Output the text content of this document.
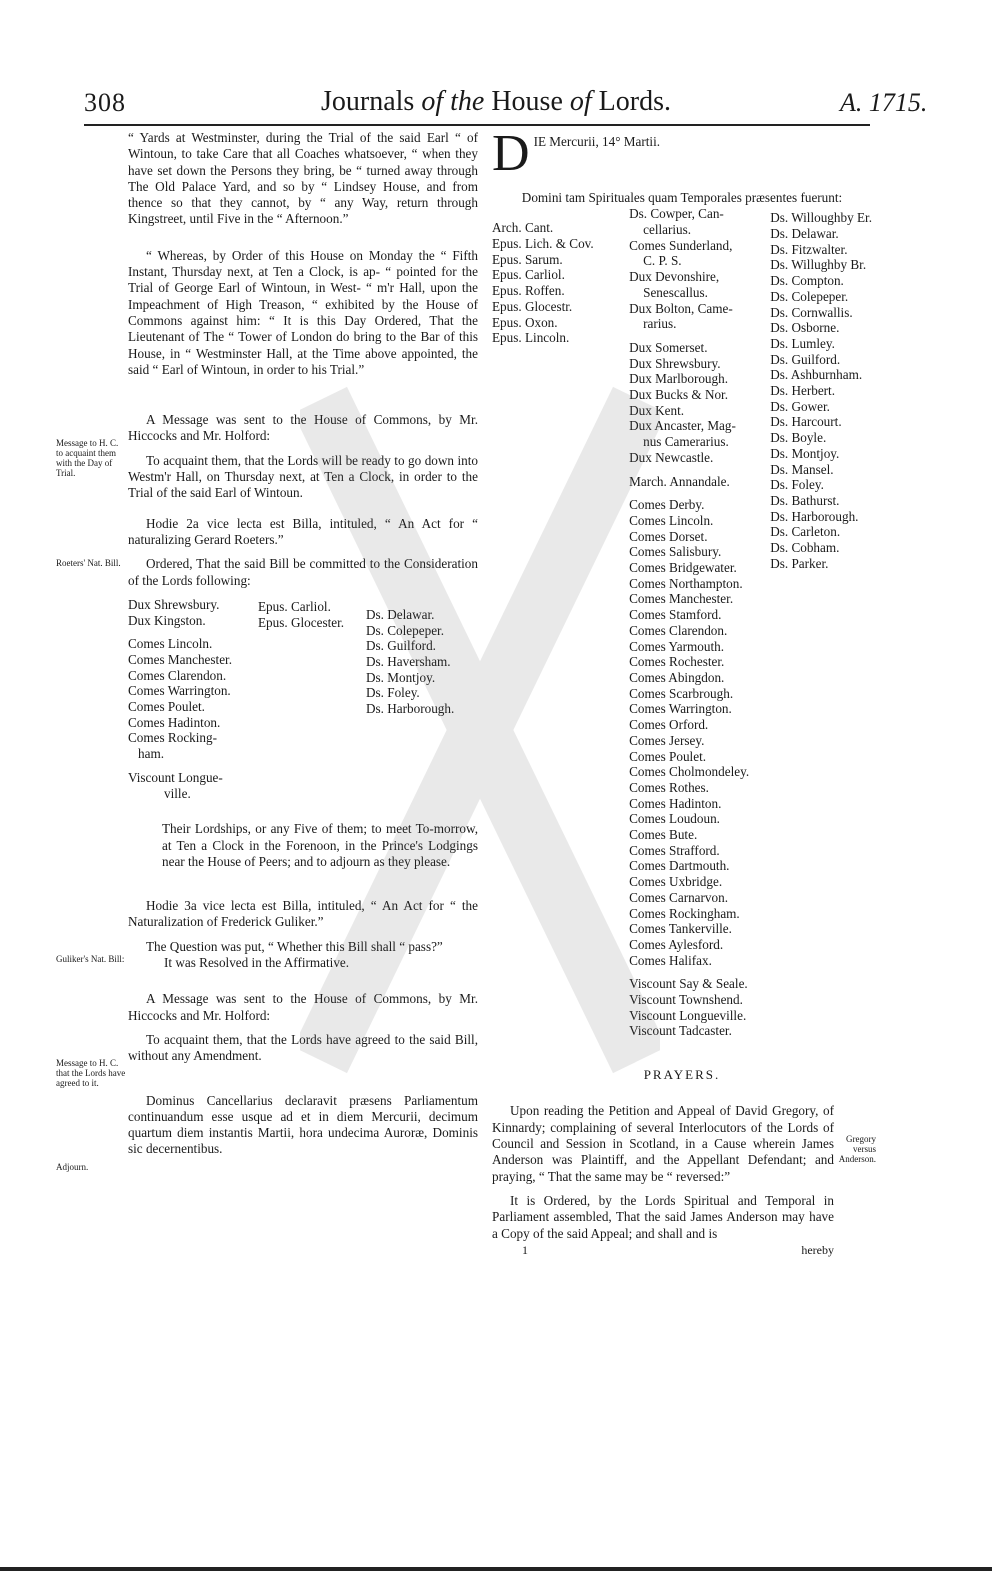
308	Journals of the House of Lords.	A. 1715.
Message to H. C. to acquaint them with the Day of Trial.
Roeters' Nat. Bill.
Guliker's Nat. Bill:
Message to H. C. that the Lords have agreed to it.
Adjourn.

“ Yards at Westminster, during the Trial of the said Earl “ of Wintoun, to take Care that all Coaches whatsoever, “ when they have set down the Persons they bring, be “ turned away through The Old Palace Yard, and so by “ Lindsey House, and from thence so that they cannot, by “ any Way, return through Kingstreet, until Five in the “ Afternoon.”

“ Whereas, by Order of this House on Monday the “ Fifth Instant, Thursday next, at Ten a Clock, is ap- “ pointed for the Trial of George Earl of Wintoun, in West- “ m'r Hall, upon the Impeachment of High Treason, “ exhibited by the House of Commons against him: “ It is this Day Ordered, That the Lieutenant of The “ Tower of London do bring to the Bar of this House, in “ Westminster Hall, at the Time above appointed, the said “ Earl of Wintoun, in order to his Trial.”

A Message was sent to the House of Commons, by Mr. Hiccocks and Mr. Holford:

To acquaint them, that the Lords will be ready to go down into Westm'r Hall, on Thursday next, at Ten a Clock, in order to the Trial of the said Earl of Wintoun.

Hodie 2a vice lecta est Billa, intituled, “ An Act for “ naturalizing Gerard Roeters.”

Ordered, That the said Bill be committed to the Consideration of the Lords following:

Dux Shrewsbury.
Dux Kingston.
Comes Lincoln.
Comes Manchester.
Comes Clarendon.
Comes Warrington.
Comes Poulet.
Comes Hadinton.
Comes Rocking-
ham.
Viscount Longue-
ville.
Epus. Carliol.
Epus. Glocester.
Ds. Delawar.
Ds. Colepeper.
Ds. Guilford.
Ds. Haversham.
Ds. Montjoy.
Ds. Foley.
Ds. Harborough.

Their Lordships, or any Five of them; to meet To-morrow, at Ten a Clock in the Forenoon, in the Prince's Lodgings near the House of Peers; and to adjourn as they please.

Hodie 3a vice lecta est Billa, intituled, “ An Act for “ the Naturalization of Frederick Guliker.”

The Question was put, “ Whether this Bill shall “ pass?”

It was Resolved in the Affirmative.

A Message was sent to the House of Commons, by Mr. Hiccocks and Mr. Holford:

To acquaint them, that the Lords have agreed to the said Bill, without any Amendment.

Dominus Cancellarius declaravit præsens Parliamentum continuandum esse usque ad et in diem Mercurii, decimum quartum diem instantis Martii, hora undecima Auroræ, Dominis sic decernentibus.

D IE Mercurii, 14° Martii.

Domini tam Spirituales quam Temporales præsentes fuerunt:

Arch. Cant.
Epus. Lich. & Cov.
Epus. Sarum.
Epus. Carliol.
Epus. Roffen.
Epus. Glocestr.
Epus. Oxon.
Epus. Lincoln.
Ds. Cowper, Can-
cellarius.
Comes Sunderland,
C. P. S.
Dux Devonshire,
Senescallus.
Dux Bolton, Came-
rarius.
Dux Somerset.
Dux Shrewsbury.
Dux Marlborough.
Dux Bucks & Nor.
Dux Kent.
Dux Ancaster, Mag-
nus Camerarius.
Dux Newcastle.
March. Annandale.
Comes Derby.
Comes Lincoln.
Comes Dorset.
Comes Salisbury.
Comes Bridgewater.
Comes Northampton.
Comes Manchester.
Comes Stamford.
Comes Clarendon.
Comes Yarmouth.
Comes Rochester.
Comes Abingdon.
Comes Scarbrough.
Comes Warrington.
Comes Orford.
Comes Jersey.
Comes Poulet.
Comes Cholmondeley.
Comes Rothes.
Comes Hadinton.
Comes Loudoun.
Comes Bute.
Comes Strafford.
Comes Dartmouth.
Comes Uxbridge.
Comes Carnarvon.
Comes Rockingham.
Comes Tankerville.
Comes Aylesford.
Comes Halifax.
Viscount Say & Seale.
Viscount Townshend.
Viscount Longueville.
Viscount Tadcaster.
Ds. Willoughby Er.
Ds. Delawar.
Ds. Fitzwalter.
Ds. Willughby Br.
Ds. Compton.
Ds. Colepeper.
Ds. Cornwallis.
Ds. Osborne.
Ds. Lumley.
Ds. Guilford.
Ds. Ashburnham.
Ds. Herbert.
Ds. Gower.
Ds. Harcourt.
Ds. Boyle.
Ds. Montjoy.
Ds. Mansel.
Ds. Foley.
Ds. Bathurst.
Ds. Harborough.
Ds. Carleton.
Ds. Cobham.
Ds. Parker.
PRAYERS.

Upon reading the Petition and Appeal of David Gregory, of Kinnardy; complaining of several Interlocutors of the Lords of Council and Session in Scotland, in a Cause wherein James Anderson was Plaintiff, and the Appellant Defendant; and praying, “ That the same may be “ reversed:”

It is Ordered, by the Lords Spiritual and Temporal in Parliament assembled, That the said James Anderson may have a Copy of the said Appeal; and shall and is

1	hereby
Gregory versus Anderson.
